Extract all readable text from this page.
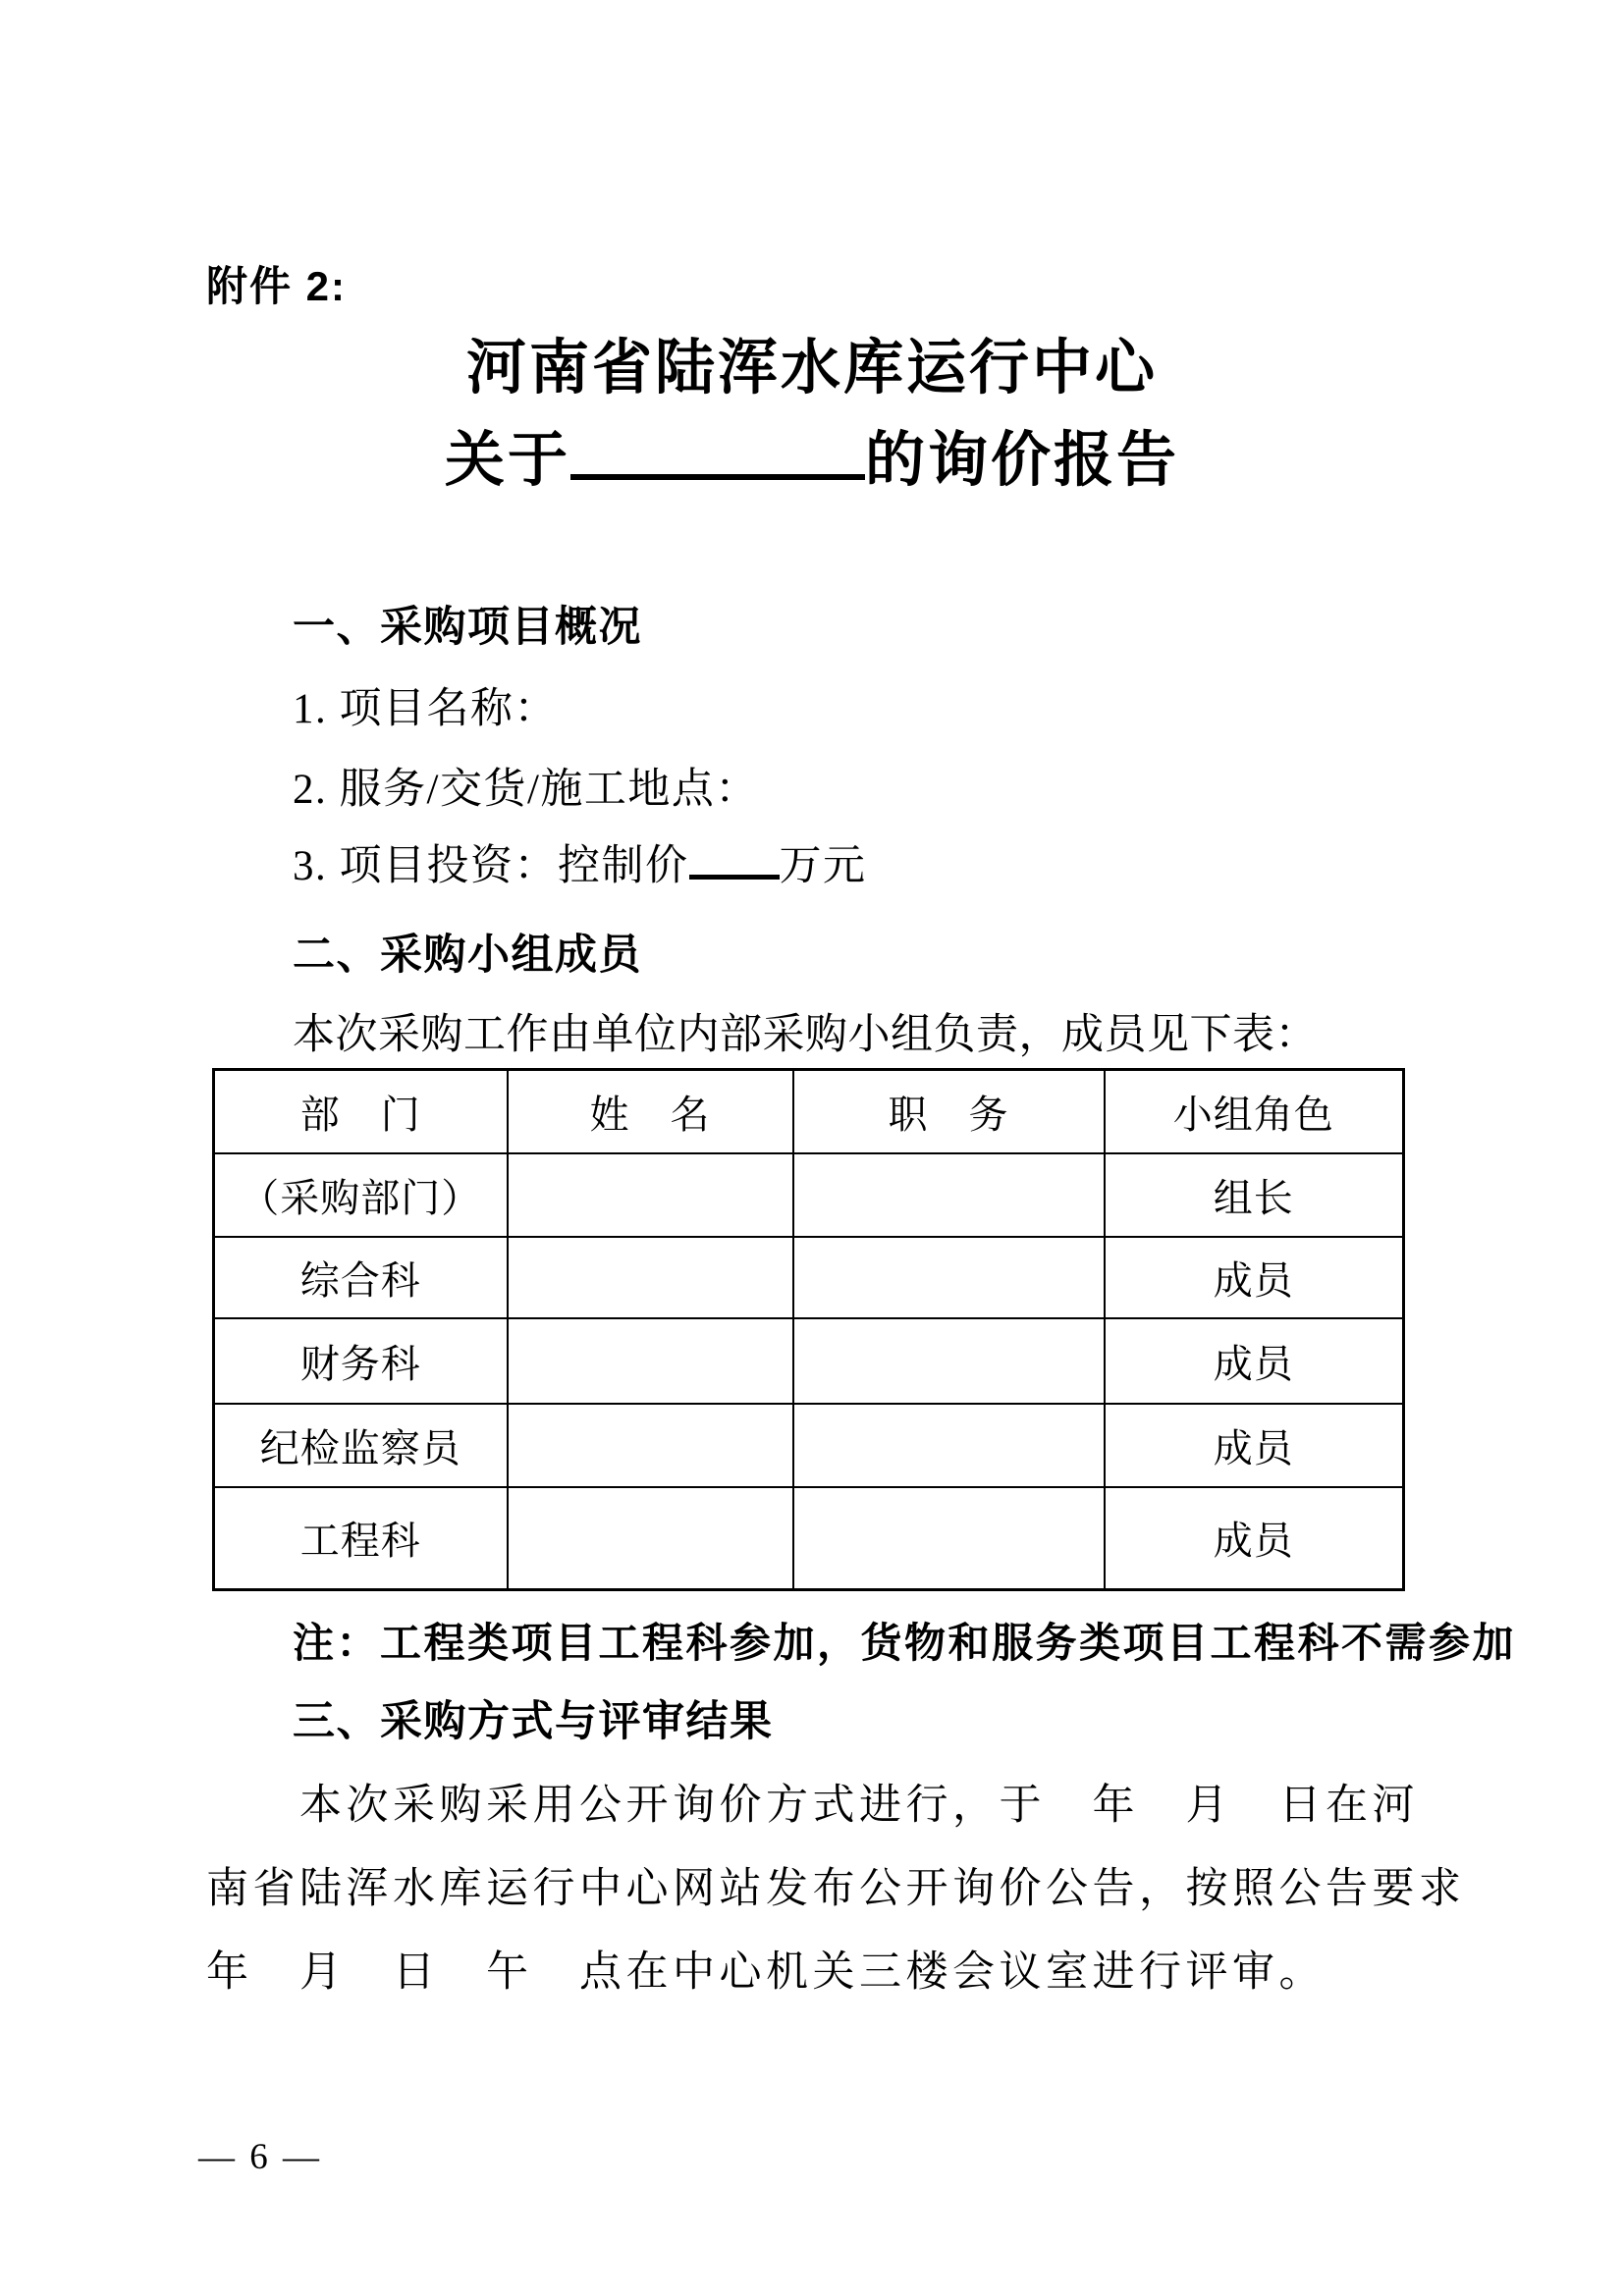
附件 2:
河南省陆浑水库运行中心
关于	的询价报告
一、采购项目概况
1. 项目名称：
2. 服务/交货/施工地点：
3. 项目投资：控制价 万元
二、采购小组成员
本次采购工作由单位内部采购小组负责，成员见下表：
部　门	姓　名	职　务	小组角色
（采购部门）			组长
综合科			成员
财务科			成员
纪检监察员			成员
工程科			成员
注：工程类项目工程科参加，货物和服务类项目工程科不需参加
三、采购方式与评审结果
本次采购采用公开询价方式进行，于　年　月　日在河
南省陆浑水库运行中心网站发布公开询价公告，按照公告要求
年　月　日　午　点在中心机关三楼会议室进行评审。
— 6 —
